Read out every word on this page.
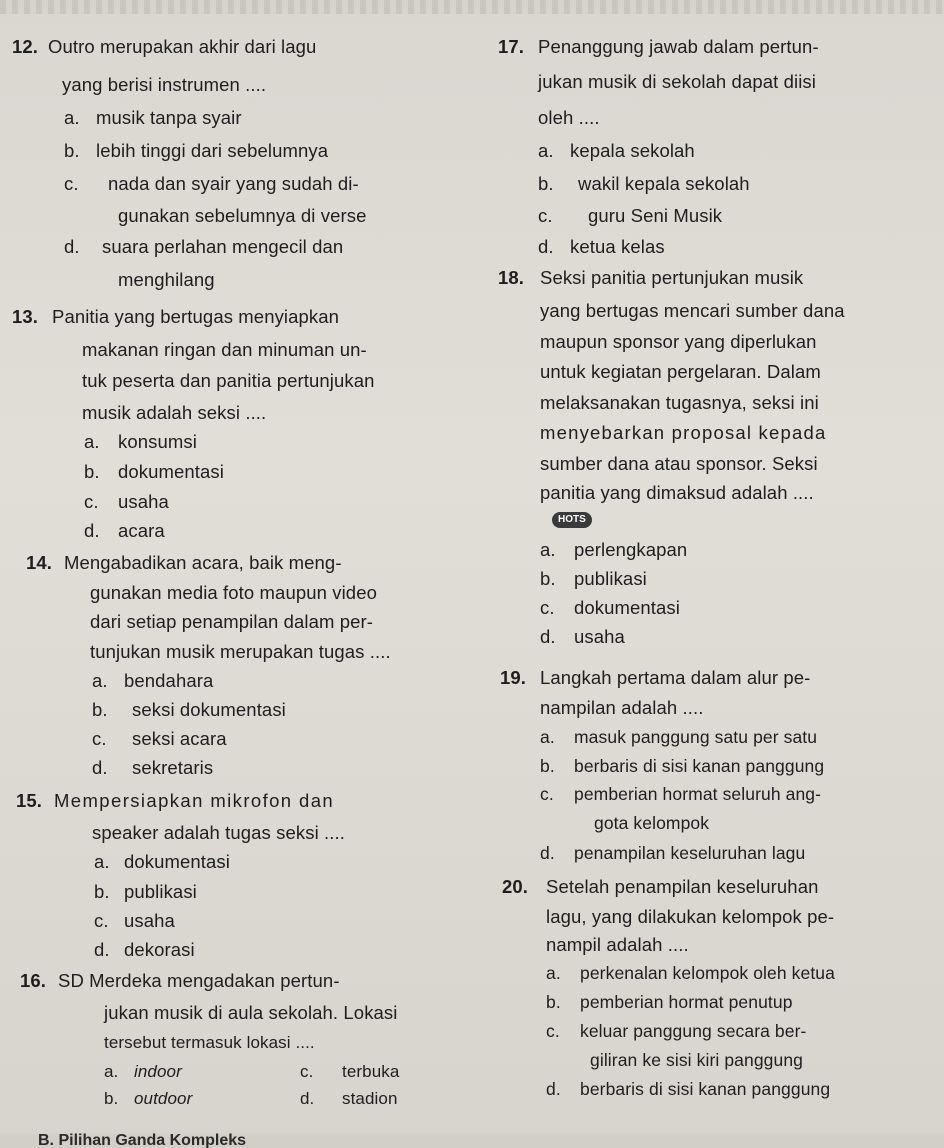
12. Outro merupakan akhir dari lagu
yang berisi instrumen ....
a. musik tanpa syair
b. lebih tinggi dari sebelumnya
c. nada dan syair yang sudah di-
gunakan sebelumnya di verse
d. suara perlahan mengecil dan
menghilang
13. Panitia yang bertugas menyiapkan
makanan ringan dan minuman un-
tuk peserta dan panitia pertunjukan
musik adalah seksi ....
a. konsumsi
b. dokumentasi
c. usaha
d. acara
14. Mengabadikan acara, baik meng-
gunakan media foto maupun video
dari setiap penampilan dalam per-
tunjukan musik merupakan tugas ....
a. bendahara
b. seksi dokumentasi
c. seksi acara
d. sekretaris
15. Mempersiapkan mikrofon dan
speaker adalah tugas seksi ....
a. dokumentasi
b. publikasi
c. usaha
d. dekorasi
16. SD Merdeka mengadakan pertun-
jukan musik di aula sekolah. Lokasi
tersebut termasuk lokasi ....
a. indoor
b. outdoor
c. terbuka
d. stadion
17. Penanggung jawab dalam pertun-
jukan musik di sekolah dapat diisi
oleh ....
a. kepala sekolah
b. wakil kepala sekolah
c. guru Seni Musik
d. ketua kelas
18. Seksi panitia pertunjukan musik
yang bertugas mencari sumber dana
maupun sponsor yang diperlukan
untuk kegiatan pergelaran. Dalam
melaksanakan tugasnya, seksi ini
menyebarkan proposal kepada
sumber dana atau sponsor. Seksi
panitia yang dimaksud adalah ....
HOTS
a. perlengkapan
b. publikasi
c. dokumentasi
d. usaha
19. Langkah pertama dalam alur pe-
nampilan adalah ....
a. masuk panggung satu per satu
b. berbaris di sisi kanan panggung
c. pemberian hormat seluruh ang-
gota kelompok
d. penampilan keseluruhan lagu
20. Setelah penampilan keseluruhan
lagu, yang dilakukan kelompok pe-
nampil adalah ....
a. perkenalan kelompok oleh ketua
b. pemberian hormat penutup
c. keluar panggung secara ber-
giliran ke sisi kiri panggung
d. berbaris di sisi kanan panggung
B. Pilihan Ganda Kompleks
